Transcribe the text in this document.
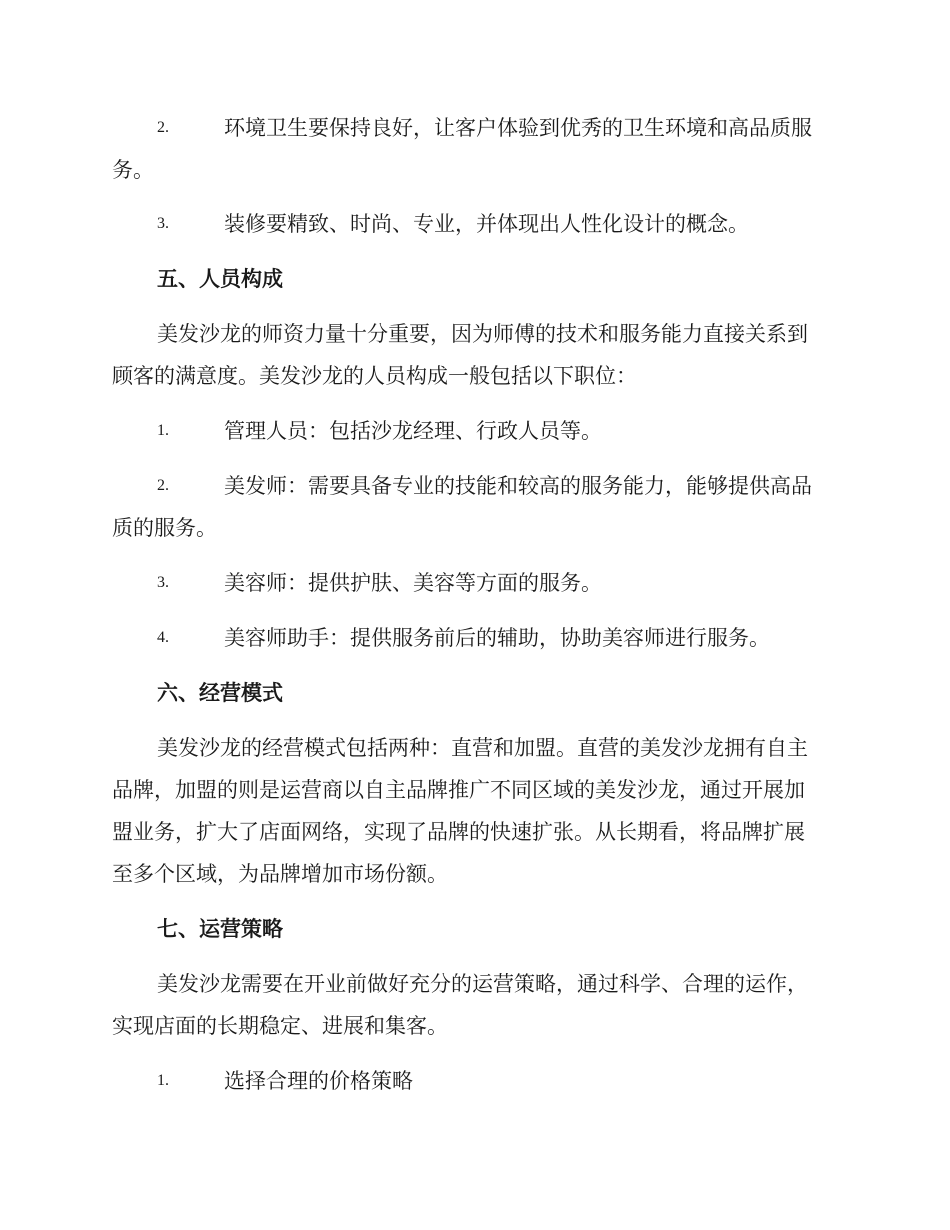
2.	环境卫生要保持良好，让客户体验到优秀的卫生环境和高品质服
务。
3.	装修要精致、时尚、专业，并体现出人性化设计的概念。
五、人员构成
美发沙龙的师资力量十分重要，因为师傅的技术和服务能力直接关系到
顾客的满意度。美发沙龙的人员构成一般包括以下职位：
1.	管理人员：包括沙龙经理、行政人员等。
2.	美发师：需要具备专业的技能和较高的服务能力，能够提供高品
质的服务。
3.	美容师：提供护肤、美容等方面的服务。
4.	美容师助手：提供服务前后的辅助，协助美容师进行服务。
六、经营模式
美发沙龙的经营模式包括两种：直营和加盟。直营的美发沙龙拥有自主
品牌，加盟的则是运营商以自主品牌推广不同区域的美发沙龙，通过开展加
盟业务，扩大了店面网络，实现了品牌的快速扩张。从长期看，将品牌扩展
至多个区域，为品牌增加市场份额。
七、运营策略
美发沙龙需要在开业前做好充分的运营策略，通过科学、合理的运作，
实现店面的长期稳定、进展和集客。
1.	选择合理的价格策略
